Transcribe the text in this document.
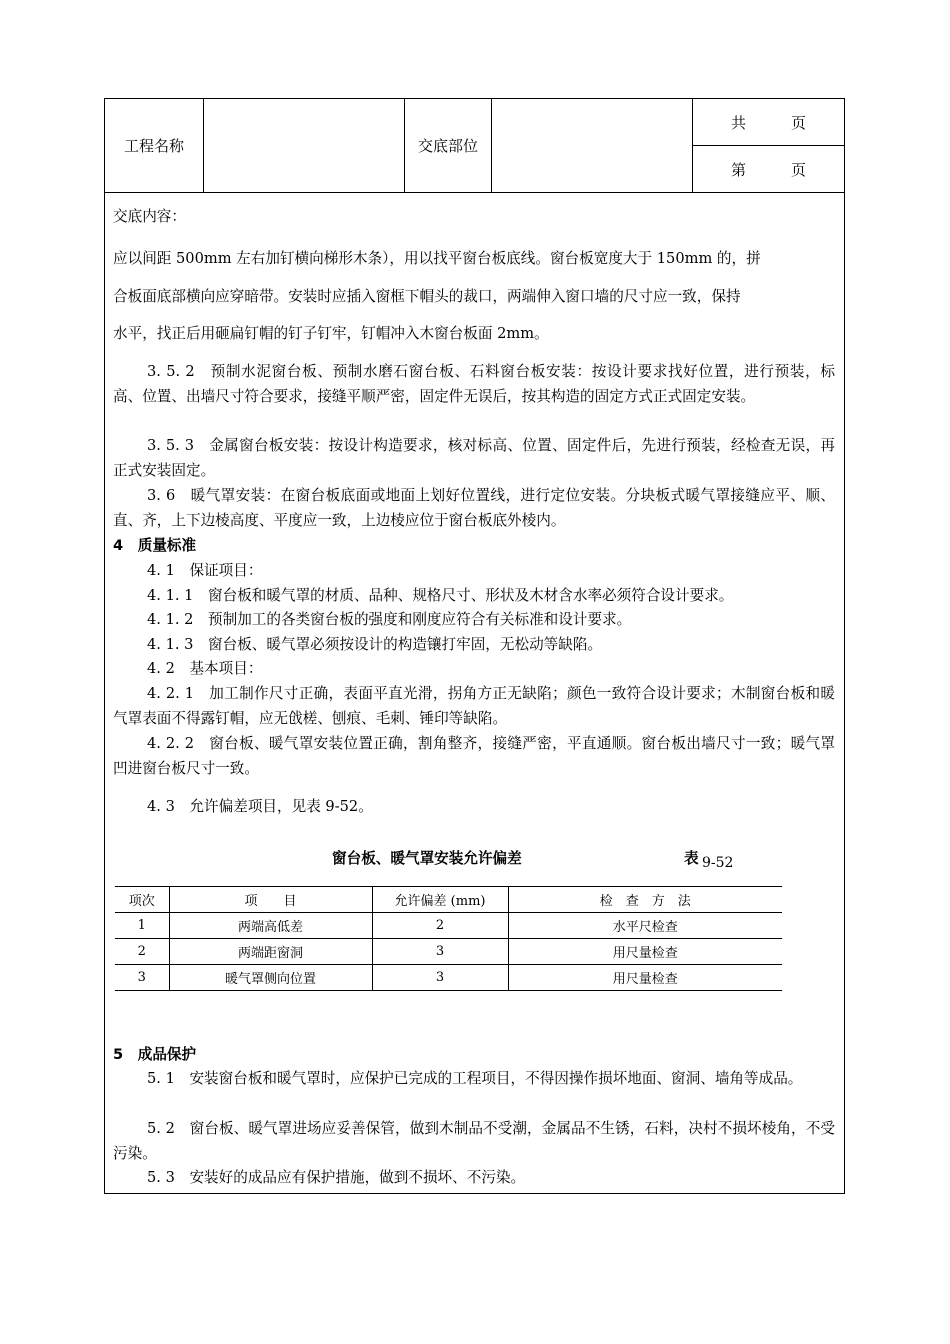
工程名称	交底部位
共　　　页
第　　　页
交底内容：
应以间距 500mm 左右加钉横向梯形木条），用以找平窗台板底线。窗台板宽度大于 150mm 的，拼
合板面底部横向应穿暗带。安装时应插入窗框下帽头的裁口，两端伸入窗口墙的尺寸应一致，保持
水平，找正后用砸扁钉帽的钉子钉牢，钉帽冲入木窗台板面 2mm。
3. 5. 2　预制水泥窗台板、预制水磨石窗台板、石料窗台板安装：按设计要求找好位置，进行预装，标高、位置、出墙尺寸符合要求，接缝平顺严密，固定件无误后，按其构造的固定方式正式固定安装。
3. 5. 3　金属窗台板安装：按设计构造要求，核对标高、位置、固定件后，先进行预装，经检查无误，再正式安装固定。
3. 6　暖气罩安装：在窗台板底面或地面上划好位置线，进行定位安装。分块板式暖气罩接缝应平、顺、直、齐，上下边棱高度、平度应一致，上边棱应位于窗台板底外棱内。
4　质量标准
4. 1　保证项目：
4. 1. 1　窗台板和暖气罩的材质、品种、规格尺寸、形状及木材含水率必须符合设计要求。
4. 1. 2　预制加工的各类窗台板的强度和刚度应符合有关标准和设计要求。
4. 1. 3　窗台板、暖气罩必须按设计的构造镶打牢固，无松动等缺陷。
4. 2　基本项目：
4. 2. 1　加工制作尺寸正确，表面平直光滑，拐角方正无缺陷；颜色一致符合设计要求；木制窗台板和暖气罩表面不得露钉帽，应无戗槎、刨痕、毛刺、锤印等缺陷。
4. 2. 2　窗台板、暖气罩安装位置正确，割角整齐，接缝严密，平直通顺。窗台板出墙尺寸一致；暖气罩凹进窗台板尺寸一致。
4. 3　允许偏差项目，见表 9-52。
窗台板、暖气罩安装允许偏差	表 9-52
项次	项　　目	允许偏差 (mm)	检　查　方　法
1	两端高低差	2	水平尺检查
2	两端距窗洞	3	用尺量检查
3	暖气罩侧向位置	3	用尺量检查
5　成品保护
5. 1　安装窗台板和暖气罩时，应保护已完成的工程项目，不得因操作损坏地面、窗洞、墙角等成品。
5. 2　窗台板、暖气罩进场应妥善保管，做到木制品不受潮，金属品不生锈，石料，决村不损坏棱角，不受污染。
5. 3　安装好的成品应有保护措施，做到不损坏、不污染。
